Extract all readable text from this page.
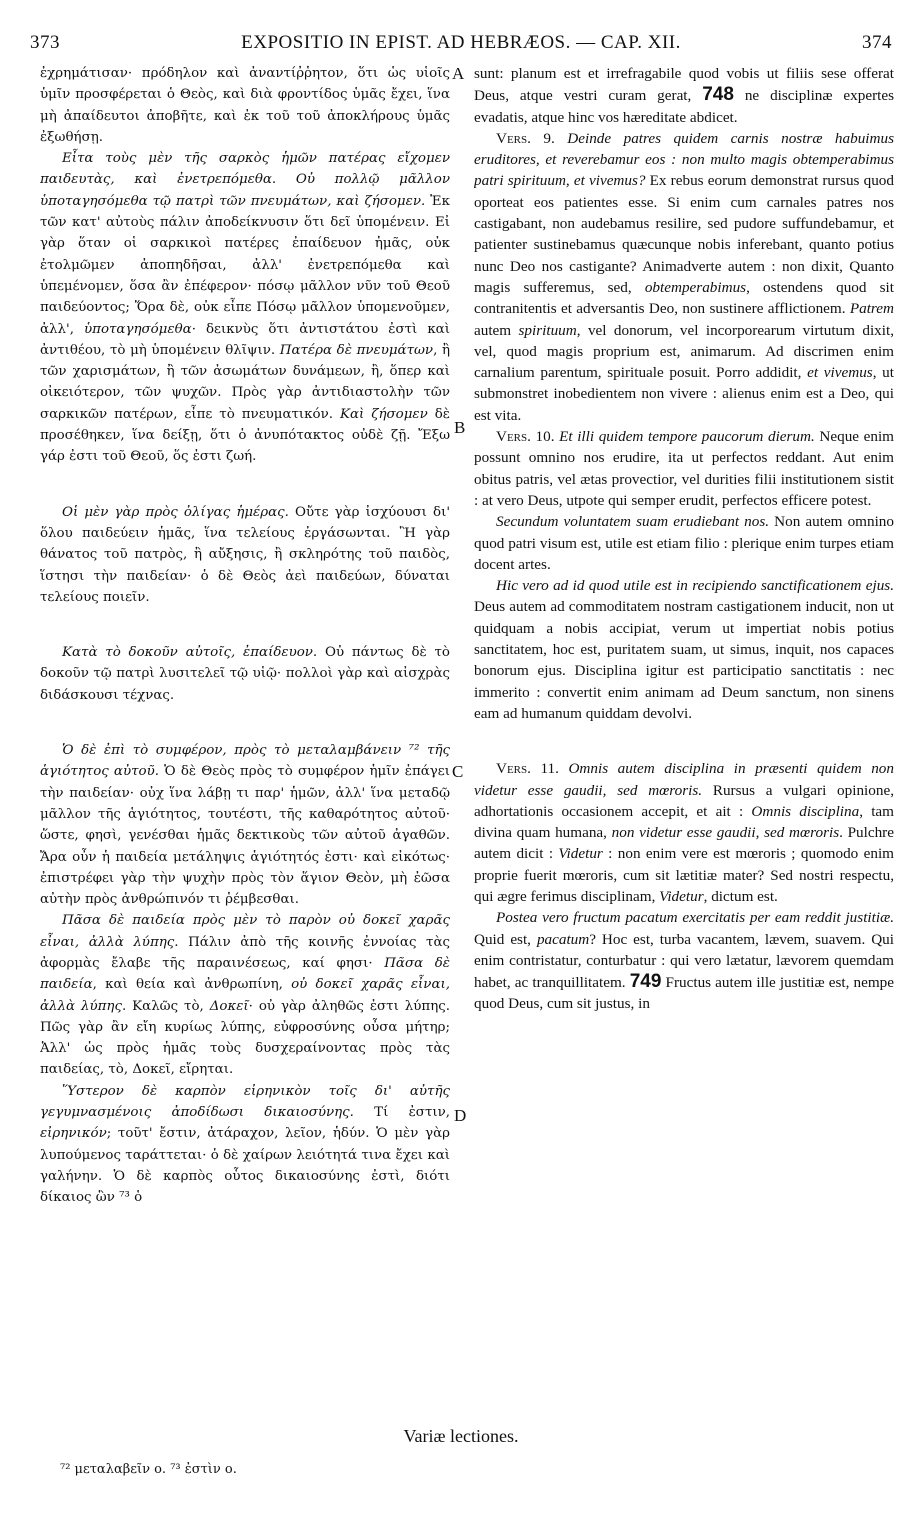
373	EXPOSITIO IN EPIST. AD HEBRÆOS. — CAP. XII.	374
A
B
C
D

ἐχρημάτισαν· πρόδηλον καὶ ἀναντίῤῥητον, ὅτι ὡς υἱοῖς ὑμῖν προσφέρεται ὁ Θεὸς, καὶ διὰ φροντίδος ὑμᾶς ἔχει, ἵνα μὴ ἀπαίδευτοι ἀποβῆτε, καὶ ἐκ τοῦ τοῦ ἀποκλήρους ὑμᾶς ἐξωθήσῃ.

Εἶτα τοὺς μὲν τῆς σαρκὸς ἡμῶν πατέρας εἴχομεν παιδευτὰς, καὶ ἐνετρεπόμεθα. Οὐ πολλῷ μᾶλλον ὑποταγησόμεθα τῷ πατρὶ τῶν πνευμάτων, καὶ ζήσομεν. Ἐκ τῶν κατ' αὐτοὺς πάλιν ἀποδείκνυσιν ὅτι δεῖ ὑπομένειν. Εἰ γὰρ ὅταν οἱ σαρκικοὶ πατέρες ἐπαίδευον ἡμᾶς, οὐκ ἐτολμῶμεν ἀποπηδῆσαι, ἀλλ' ἐνετρεπόμεθα καὶ ὑπεμένομεν, ὅσα ἂν ἐπέφερον· πόσῳ μᾶλλον νῦν τοῦ Θεοῦ παιδεύοντος; Ὅρα δὲ, οὐκ εἶπε Πόσῳ μᾶλλον ὑπομενοῦμεν, ἀλλ', ὑποταγησόμεθα· δεικνὺς ὅτι ἀντιστάτου ἐστὶ καὶ ἀντιθέου, τὸ μὴ ὑπομένειν θλῖψιν. Πατέρα δὲ πνευμάτων, ἢ τῶν χαρισμάτων, ἢ τῶν ἀσωμάτων δυνάμεων, ἢ, ὅπερ καὶ οἰκειότερον, τῶν ψυχῶν. Πρὸς γὰρ ἀντιδιαστολὴν τῶν σαρκικῶν πατέρων, εἶπε τὸ πνευματικόν. Καὶ ζήσομεν δὲ προσέθηκεν, ἵνα δείξῃ, ὅτι ὁ ἀνυπότακτος οὐδὲ ζῇ. Ἔξω γάρ ἐστι τοῦ Θεοῦ, ὅς ἐστι ζωή.

Οἱ μὲν γὰρ πρὸς ὀλίγας ἡμέρας. Οὔτε γὰρ ἰσχύουσι δι' ὅλου παιδεύειν ἡμᾶς, ἵνα τελείους ἐργάσωνται. Ἢ γὰρ θάνατος τοῦ πατρὸς, ἢ αὔξησις, ἢ σκληρότης τοῦ παιδὸς, ἵστησι τὴν παιδείαν· ὁ δὲ Θεὸς ἀεὶ παιδεύων, δύναται τελείους ποιεῖν.

Κατὰ τὸ δοκοῦν αὐτοῖς, ἐπαίδευον. Οὐ πάντως δὲ τὸ δοκοῦν τῷ πατρὶ λυσιτελεῖ τῷ υἱῷ· πολλοὶ γὰρ καὶ αἰσχρὰς διδάσκουσι τέχνας.

Ὁ δὲ ἐπὶ τὸ συμφέρον, πρὸς τὸ μεταλαμβάνειν ⁷² τῆς ἁγιότητος αὐτοῦ. Ὁ δὲ Θεὸς πρὸς τὸ συμφέρον ἡμῖν ἐπάγει τὴν παιδείαν· οὐχ ἵνα λάβῃ τι παρ' ἡμῶν, ἀλλ' ἵνα μεταδῷ μᾶλλον τῆς ἁγιότητος, τουτέστι, τῆς καθαρότητος αὐτοῦ· ὥστε, φησὶ, γενέσθαι ἡμᾶς δεκτικοὺς τῶν αὐτοῦ ἀγαθῶν. Ἄρα οὖν ἡ παιδεία μετάληψις ἁγιότητός ἐστι· καὶ εἰκότως· ἐπιστρέφει γὰρ τὴν ψυχὴν πρὸς τὸν ἅγιον Θεὸν, μὴ ἐῶσα αὐτὴν πρὸς ἀνθρώπινόν τι ῥέμβεσθαι.

Πᾶσα δὲ παιδεία πρὸς μὲν τὸ παρὸν οὐ δοκεῖ χαρᾶς εἶναι, ἀλλὰ λύπης. Πάλιν ἀπὸ τῆς κοινῆς ἐννοίας τὰς ἀφορμὰς ἔλαβε τῆς παραινέσεως, καί φησι· Πᾶσα δὲ παιδεία, καὶ θεία καὶ ἀνθρωπίνη, οὐ δοκεῖ χαρᾶς εἶναι, ἀλλὰ λύπης. Καλῶς τὸ, Δοκεῖ· οὐ γὰρ ἀληθῶς ἐστι λύπης. Πῶς γὰρ ἂν εἴη κυρίως λύπης, εὐφροσύνης οὖσα μήτηρ; Ἀλλ' ὡς πρὸς ἡμᾶς τοὺς δυσχεραίνοντας πρὸς τὰς παιδείας, τὸ, Δοκεῖ, εἴρηται.

Ὕστερον δὲ καρπὸν εἰρηνικὸν τοῖς δι' αὐτῆς γεγυμνασμένοις ἀποδίδωσι δικαιοσύνης. Τί ἐστιν, εἰρηνικόν; τοῦτ' ἔστιν, ἀτάραχον, λεῖον, ἡδύν. Ὁ μὲν γὰρ λυπούμενος ταράττεται· ὁ δὲ χαίρων λειότητά τινα ἔχει καὶ γαλήνην. Ὁ δὲ καρπὸς οὗτος δικαιοσύνης ἐστὶ, διότι δίκαιος ὢν ⁷³ ὁ

sunt: planum est et irrefragabile quod vobis ut filiis sese offerat Deus, atque vestri curam gerat, 748 ne disciplinæ expertes evadatis, atque hinc vos hæreditate abdicet.

Vers. 9. Deinde patres quidem carnis nostræ habuimus eruditores, et reverebamur eos : non multo magis obtemperabimus patri spirituum, et vivemus? Ex rebus eorum demonstrat rursus quod oporteat eos patientes esse. Si enim cum carnales patres nos castigabant, non audebamus resilire, sed pudore suffundebamur, et patienter sustinebamus quæcunque nobis inferebant, quanto potius nunc Deo nos castigante? Animadverte autem : non dixit, Quanto magis sufferemus, sed, obtemperabimus, ostendens quod sit contranitentis et adversantis Deo, non sustinere afflictionem. Patrem autem spirituum, vel donorum, vel incorporearum virtutum dixit, vel, quod magis proprium est, animarum. Ad discrimen enim carnalium parentum, spirituale posuit. Porro addidit, et vivemus, ut submonstret inobedientem non vivere : alienus enim est a Deo, qui est vita.

Vers. 10. Et illi quidem tempore paucorum dierum. Neque enim possunt omnino nos erudire, ita ut perfectos reddant. Aut enim obitus patris, vel ætas provectior, vel durities filii institutionem sistit : at vero Deus, utpote qui semper erudit, perfectos efficere potest.

Secundum voluntatem suam erudiebant nos. Non autem omnino quod patri visum est, utile est etiam filio : plerique enim turpes etiam docent artes.

Hic vero ad id quod utile est in recipiendo sanctificationem ejus. Deus autem ad commoditatem nostram castigationem inducit, non ut quidquam a nobis accipiat, verum ut impertiat nobis potius sanctitatem, hoc est, puritatem suam, ut simus, inquit, nos capaces bonorum ejus. Disciplina igitur est participatio sanctitatis : nec immerito : convertit enim animam ad Deum sanctum, non sinens eam ad humanum quiddam devolvi.

Vers. 11. Omnis autem disciplina in præsenti quidem non videtur esse gaudii, sed mœroris. Rursus a vulgari opinione, adhortationis occasionem accepit, et ait : Omnis disciplina, tam divina quam humana, non videtur esse gaudii, sed mœroris. Pulchre autem dicit : Videtur : non enim vere est mœroris ; quomodo enim proprie fuerit mœroris, cum sit lætitiæ mater? Sed nostri respectu, qui ægre ferimus disciplinam, Videtur, dictum est.

Postea vero fructum pacatum exercitatis per eam reddit justitiæ. Quid est, pacatum? Hoc est, turba vacantem, lævem, suavem. Qui enim contristatur, conturbatur : qui vero lætatur, lævorem quemdam habet, ac tranquillitatem. 749 Fructus autem ille justitiæ est, nempe quod Deus, cum sit justus, in

Variæ lectiones.
⁷² μεταλαβεῖν ο. ⁷³ ἐστὶν ο.
